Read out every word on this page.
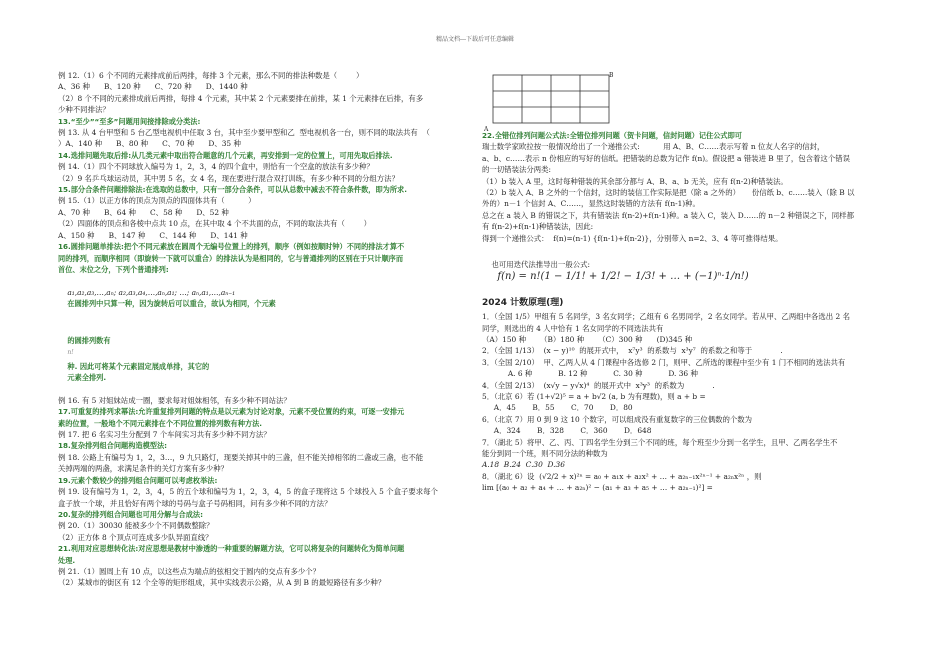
精品文档---下载后可任意编辑
例 12.（1）6 个不同的元素排成前后两排，每排 3 个元素，那么不同的排法种数是（        ）
A、36 种      B、120 种      C、720 种      D、1440 种
（2）8 个不同的元素排成前后两排，每排 4 个元素，其中某 2 个元素要排在前排，某 1 个元素排在后排，有多
少种不同排法？
13.“至少”“至多”问题用间接排除或分类法:
例 13. 从 4 台甲型和 5 台乙型电视机中任取 3 台，其中至少要甲型和乙  型电视机各一台，则不同的取法共有  （
）A、140 种      B、80 种      C、70 种      D、35 种
14.选排问题先取后排:从几类元素中取出符合题意的几个元素，再安排到一定的位置上，可用先取后排法.
例 14.（1）四个不同球放入编号为 1，2，3，4 的四个盒中，则恰有一个空盒的放法有多少种？
（2）9 名乒乓球运动员，其中男 5 名，女 4 名，现在要进行混合双打训练，有多少种不同的分组方法？
15.部分合条件问题排除法:在选取的总数中，只有一部分合条件，可以从总数中减去不符合条件数，即为所求.
例 15.（1）以正方体的顶点为顶点的四面体共有（          ）
A、70 种      B、64 种      C、58 种      D、52 种
（2）四面体的顶点和各棱中点共 10 点，在其中取 4 个不共面的点，不同的取法共有（        ）
A、150 种      B、147 种      C、144 种      D、141 种
16.圆排问题单排法:把个不同元素放在圆周个无编号位置上的排列，顺序（例如按顺时钟）不同的排法才算不
同的排列，而顺序相同（即旋转一下就可以重合）的排法认为是相同的，它与普通排列的区别在于只计顺序而
首位、末位之分，下列个普通排列:

a₁,a₂,a₃,…,aₙ; a₂,a₃,a₄,…,aₙ,a₁; …; aₙ,a₁,…,aₙ₋₁
在圆排列中只算一种，因为旋转后可以重合，故认为相同，个元素

的圆排列数有
$^{n!}$
种. 因此可将某个元素固定展成单排，其它的
元素全排列.

例 16. 有 5 对姐妹站成一圈，要求每对姐妹相邻，有多少种不同站法？
17.可重复的排列求幂法:允许重复排列问题的特点是以元素为讨论对象，元素不受位置的约束，可逐一安排元
素的位置，一般地个不同元素排在个不同位置的排列数有种方法.
例 17. 把 6 名实习生分配到 7 个车间实习共有多少种不同方法？
18.复杂排列组合问题构造模型法:
例 18. 公路上有编号为 1，2，3…，9 九只路灯，现要关掉其中的三盏，但不能关掉相邻的二盏或三盏，也不能
关掉两端的两盏，求满足条件的关灯方案有多少种？
19.元素个数较少的排列组合问题可以考虑枚举法:
例 19. 设有编号为 1，2，3，4，5 的五个球和编号为 1，2，3，4，5 的盒子现将这 5 个球投入 5 个盒子要求每个
盒子放一个球，并且恰好有两个球的号码与盒子号码相同，问有多少种不同的方法？
20.复杂的排列组合问题也可用分解与合成法:
例 20.（1）30030 能被多少个不同偶数整除？
（2）正方体 8 个顶点可连成多少队异面直线？
21.利用对应思想转化法:对应思想是教材中渗透的一种重要的解题方法，它可以将复杂的问题转化为简单问题
处理.
例 21.（1）圆周上有 10 点，以这些点为端点的弦相交于圆内的交点有多少个？
（2）某城市的街区有 12 个全等的矩形组成，其中实线表示公路，从 A 到 B 的最短路径有多少种？
A
B
22.全错位排列问题公式法:全错位排列问题（贺卡问题，信封问题）记住公式即可
瑞士数学家欧拉按一般情况给出了一个递推公式:          用 A、B、C……表示写着 n 位友人名字的信封，
a、b、c……表示 n 份相应的写好的信纸。把错装的总数为记作 f(n)。假设把 a 错装进 B 里了，包含着这个错误
的一切错装法分两类:
（1）b 装入 A 里，这时每种错装的其余部分都与 A、B、a、b 无关，应有 f(n-2)种错装法。
（2）b 装入 A、B 之外的一个信封，这时的装信工作实际是把（除 a 之外的）     份信纸 b、c……装入（除 B 以
外的）n－1 个信封 A、C……，显然这时装错的方法有 f(n-1)种。
总之在 a 装入 B 的错误之下，共有错装法 f(n-2)+f(n-1)种。a 装入 C，装入 D……的 n－2 种错误之下，同样都
有 f(n-2)+f(n-1)种错装法，因此:
得到一个递推公式：  f(n)=(n-1) {f(n-1)+f(n-2)}，分别带入 n=2、3、4 等可推得结果。

也可用迭代法推导出一般公式:
f(n) = n!(1 − 1/1! + 1/2! − 1/3! + … + (−1)ⁿ·1/n!)

2024 计数原理(理)
1．（全国 1/5）甲组有 5 名同学，3 名女同学；乙组有 6 名男同学，2 名女同学。若从甲、乙两组中各选出 2 名
同学，则选出的 4 人中恰有 1 名女同学的不同选法共有
（A）150 种      （B）180 种      （C）300 种      (D)345 种
2．（全国 1/13）  (x − y)¹⁰  的展开式中，  x⁷y³  的系数与  x³y⁷  的系数之和等于            .
3．（全国 2/10）  甲、乙两人从 4 门课程中各选修 2 门，则甲、乙所选的课程中至少有 1 门不相同的选法共有
A. 6 种           B. 12 种           C. 30 种           D. 36 种
4．（全国 2/13）  (x√y − y√x)⁴  的展开式中  x³y³  的系数为            .
5．（北京 6）若 (1+√2)⁵ = a + b√2 (a, b 为有理数)，则 a + b =
A．45       B．55       C．70       D．80
6．（北京 7）用 0 到 9 这 10 个数字，可以组成没有重复数字的三位偶数的个数为
A．324       B．328       C．360       D．648
7．（湖北 5）将甲、乙、丙、丁四名学生分到三个不同的班，每个班至少分到一名学生，且甲、乙两名学生不
能分到同一个班，则不同分法的种数为
A.18  B.24  C.30  D.36
8．（湖北 6）设  (√2/2 + x)²ⁿ = a₀ + a₁x + a₂x² + … + a₂ₙ₋₁x²ⁿ⁻¹ + a₂ₙx²ⁿ ，则
lim [(a₀ + a₂ + a₄ + … + a₂ₙ)² − (a₁ + a₃ + a₅ + … + a₂ₙ₋₁)²] =
